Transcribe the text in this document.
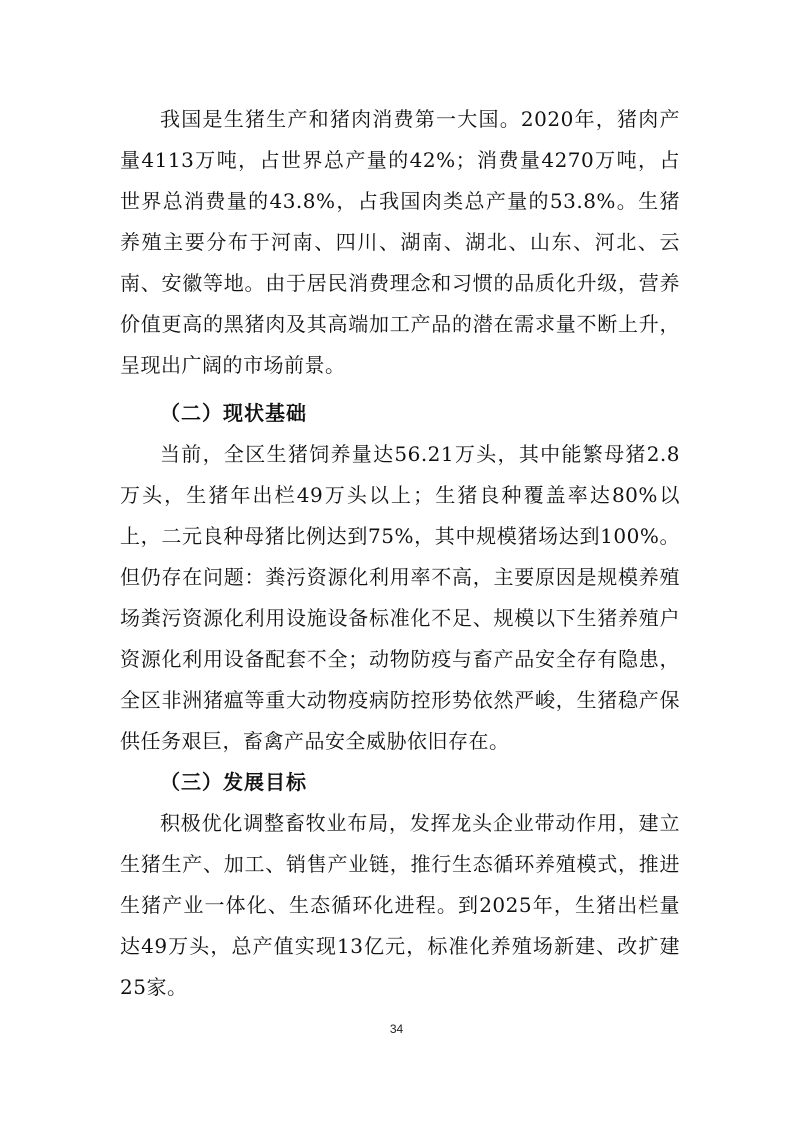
我国是生猪生产和猪肉消费第一大国。2020年，猪肉产量4113万吨，占世界总产量的42%；消费量4270万吨，占世界总消费量的43.8%，占我国肉类总产量的53.8%。生猪养殖主要分布于河南、四川、湖南、湖北、山东、河北、云南、安徽等地。由于居民消费理念和习惯的品质化升级，营养价值更高的黑猪肉及其高端加工产品的潜在需求量不断上升，呈现出广阔的市场前景。

（二）现状基础

当前，全区生猪饲养量达56.21万头，其中能繁母猪2.8万头，生猪年出栏49万头以上；生猪良种覆盖率达80%以上，二元良种母猪比例达到75%，其中规模猪场达到100%。但仍存在问题：粪污资源化利用率不高，主要原因是规模养殖场粪污资源化利用设施设备标准化不足、规模以下生猪养殖户资源化利用设备配套不全；动物防疫与畜产品安全存有隐患，全区非洲猪瘟等重大动物疫病防控形势依然严峻，生猪稳产保供任务艰巨，畜禽产品安全威胁依旧存在。

（三）发展目标

积极优化调整畜牧业布局，发挥龙头企业带动作用，建立生猪生产、加工、销售产业链，推行生态循环养殖模式，推进生猪产业一体化、生态循环化进程。到2025年，生猪出栏量达49万头，总产值实现13亿元，标准化养殖场新建、改扩建25家。

34
